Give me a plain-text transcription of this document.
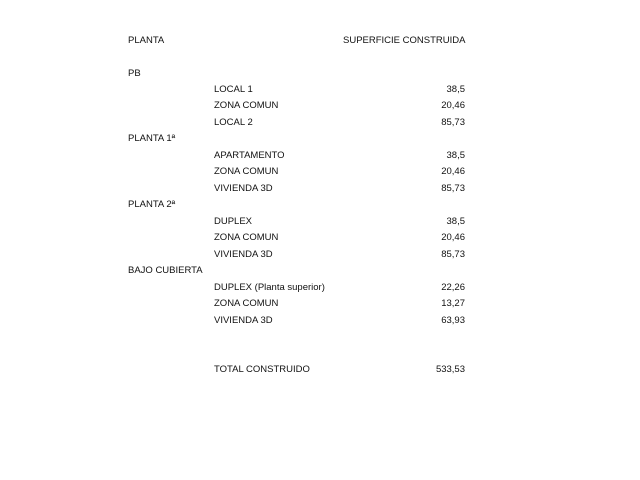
PLANTA	SUPERFICIE CONSTRUIDA
PB
LOCAL 1	38,5
ZONA COMUN	20,46
LOCAL 2	85,73
PLANTA 1ª
APARTAMENTO	38,5
ZONA COMUN	20,46
VIVIENDA 3D	85,73
PLANTA 2ª
DUPLEX	38,5
ZONA COMUN	20,46
VIVIENDA 3D	85,73
BAJO CUBIERTA
DUPLEX (Planta superior)	22,26
ZONA COMUN	13,27
VIVIENDA 3D	63,93
TOTAL CONSTRUIDO	533,53
